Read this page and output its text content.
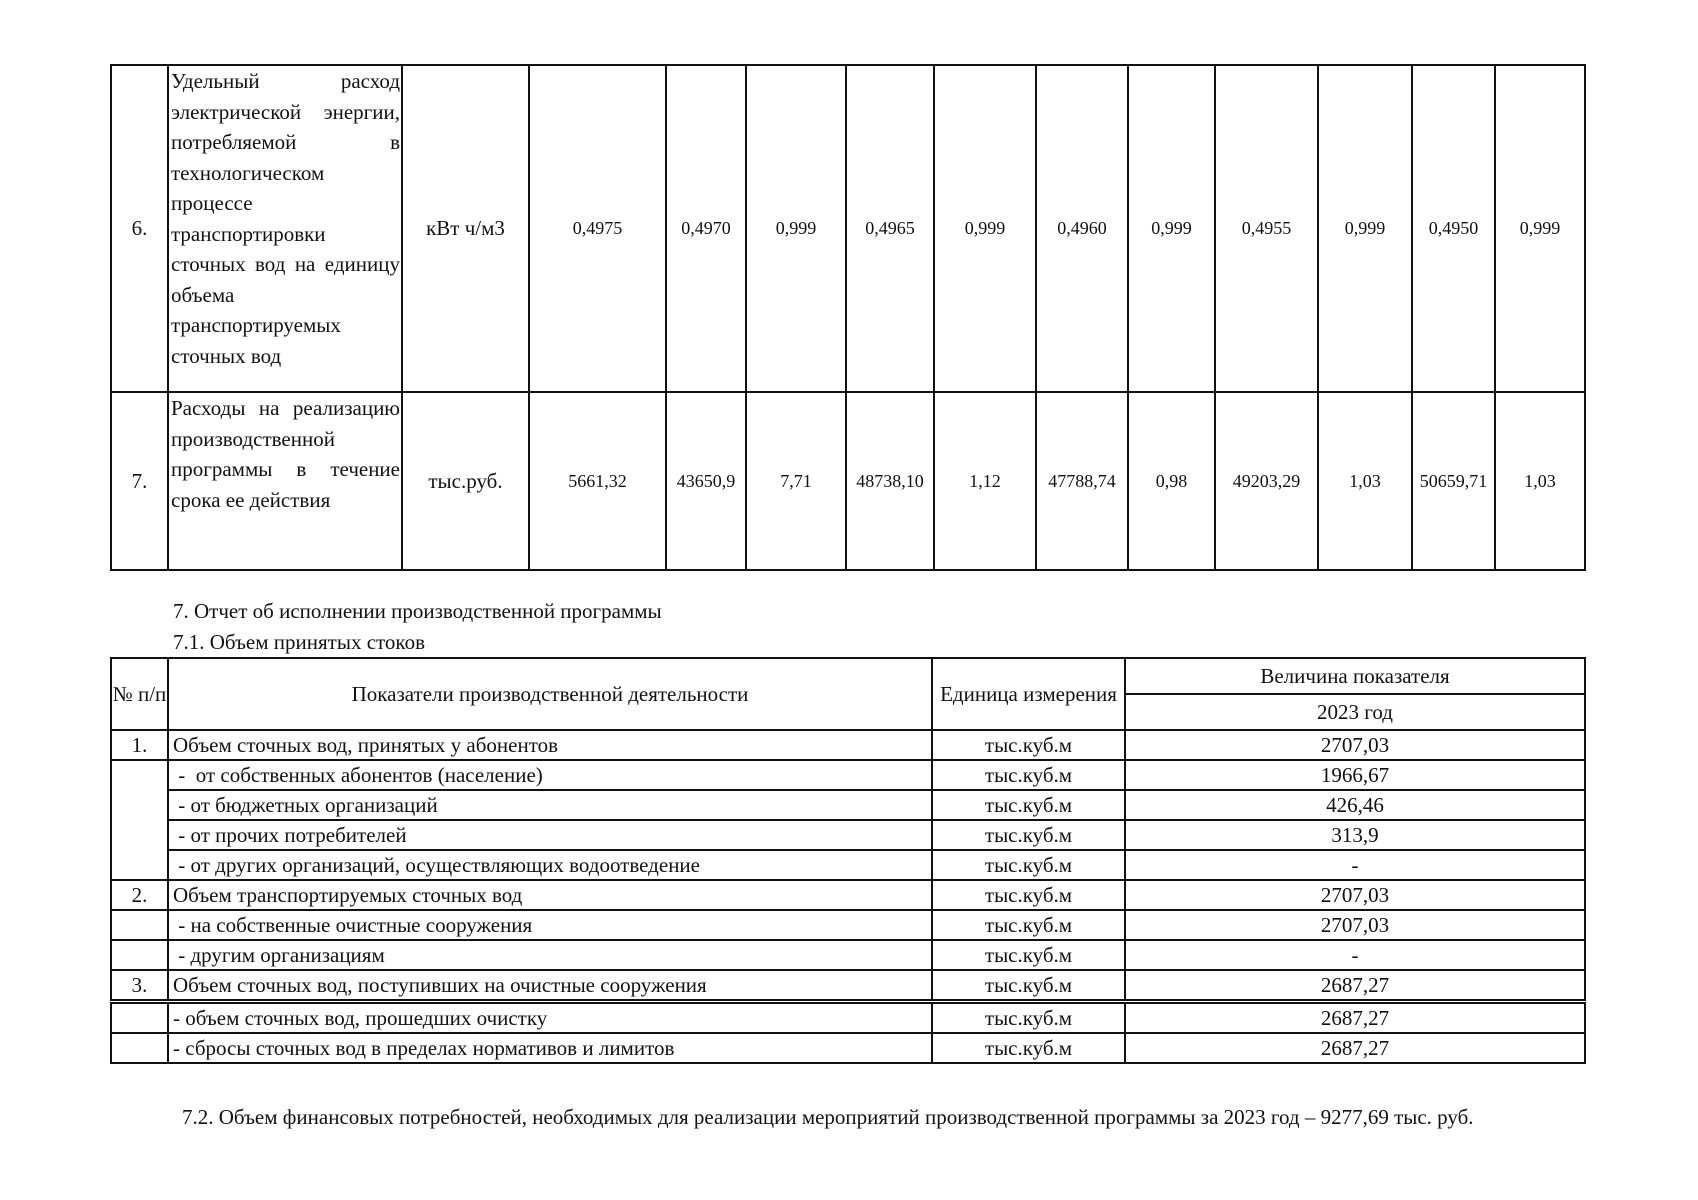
6.	Удельный расход электрической энергии, потребляемой в технологическом процессе транспортировки сточных вод на единицу объема транспортируемых сточных вод	кВт ч/м3	0,4975	0,4970	0,999	0,4965	0,999	0,4960	0,999	0,4955	0,999	0,4950	0,999
7.	Расходы на реализацию производственной программы в течение срока ее действия	тыс.руб.	5661,32	43650,9	7,71	48738,10	1,12	47788,74	0,98	49203,29	1,03	50659,71	1,03
7. Отчет об исполнении производственной программы
7.1. Объем принятых стоков
№ п/п	Показатели производственной деятельности	Единица измерения	Величина показателя
			2023 год
1.	Объем сточных вод, принятых у абонентов	тыс.куб.м	2707,03
	-  от собственных абонентов (население)	тыс.куб.м	1966,67
	- от бюджетных организаций	тыс.куб.м	426,46
	- от прочих потребителей	тыс.куб.м	313,9
	- от других организаций, осуществляющих водоотведение	тыс.куб.м	-
2.	Объем транспортируемых сточных вод	тыс.куб.м	2707,03
	- на собственные очистные сооружения	тыс.куб.м	2707,03
	- другим организациям	тыс.куб.м	-
3.	Объем сточных вод, поступивших на очистные сооружения	тыс.куб.м	2687,27
	- объем сточных вод, прошедших очистку	тыс.куб.м	2687,27
	- сбросы сточных вод в пределах нормативов и лимитов	тыс.куб.м	2687,27
7.2. Объем финансовых потребностей, необходимых для реализации мероприятий производственной программы за 2023 год – 9277,69 тыс. руб.
